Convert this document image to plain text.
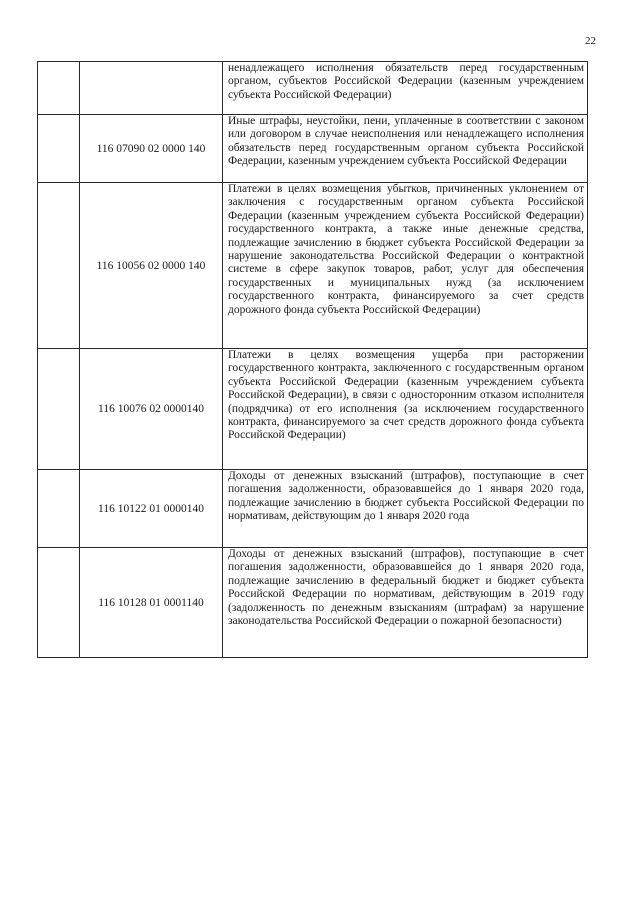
22

		ненадлежащего исполнения обязательств перед государственным органом, субъектов Российской Федерации (казенным учреждением субъекта Российской Федерации)

	116 07090 02 0000 140	Иные штрафы, неустойки, пени, уплаченные в соответствии с законом или договором в случае неисполнения или ненадлежащего исполнения обязательств перед государственным органом субъекта Российской Федерации, казенным учреждением субъекта Российской Федерации

	116 10056 02 0000 140	Платежи в целях возмещения убытков, причиненных уклонением от заключения с государственным органом субъекта Российской Федерации (казенным учреждением субъекта Российской Федерации) государственного контракта, а также иные денежные средства, подлежащие зачислению в бюджет субъекта Российской Федерации за нарушение законодательства Российской Федерации о контрактной системе в сфере закупок товаров, работ, услуг для обеспечения государственных и муниципальных нужд (за исключением государственного контракта, финансируемого за счет средств дорожного фонда субъекта Российской Федерации)

	116 10076 02 0000140	Платежи в целях возмещения ущерба при расторжении государственного контракта, заключенного с государственным органом субъекта Российской Федерации (казенным учреждением субъекта Российской Федерации), в связи с односторонним отказом исполнителя (подрядчика) от его исполнения (за исключением государственного контракта, финансируемого за счет средств дорожного фонда субъекта Российской Федерации)

	116 10122 01 0000140	Доходы от денежных взысканий (штрафов), поступающие в счет погашения задолженности, образовавшейся до 1 января 2020 года, подлежащие зачислению в бюджет субъекта Российской Федерации по нормативам, действующим до 1 января 2020 года

	116 10128 01 0001140	Доходы от денежных взысканий (штрафов), поступающие в счет погашения задолженности, образовавшейся до 1 января 2020 года, подлежащие зачислению в федеральный бюджет и бюджет субъекта Российской Федерации по нормативам, действующим в 2019 году (задолженность по денежным взысканиям (штрафам) за нарушение законодательства Российской Федерации о пожарной безопасности)
